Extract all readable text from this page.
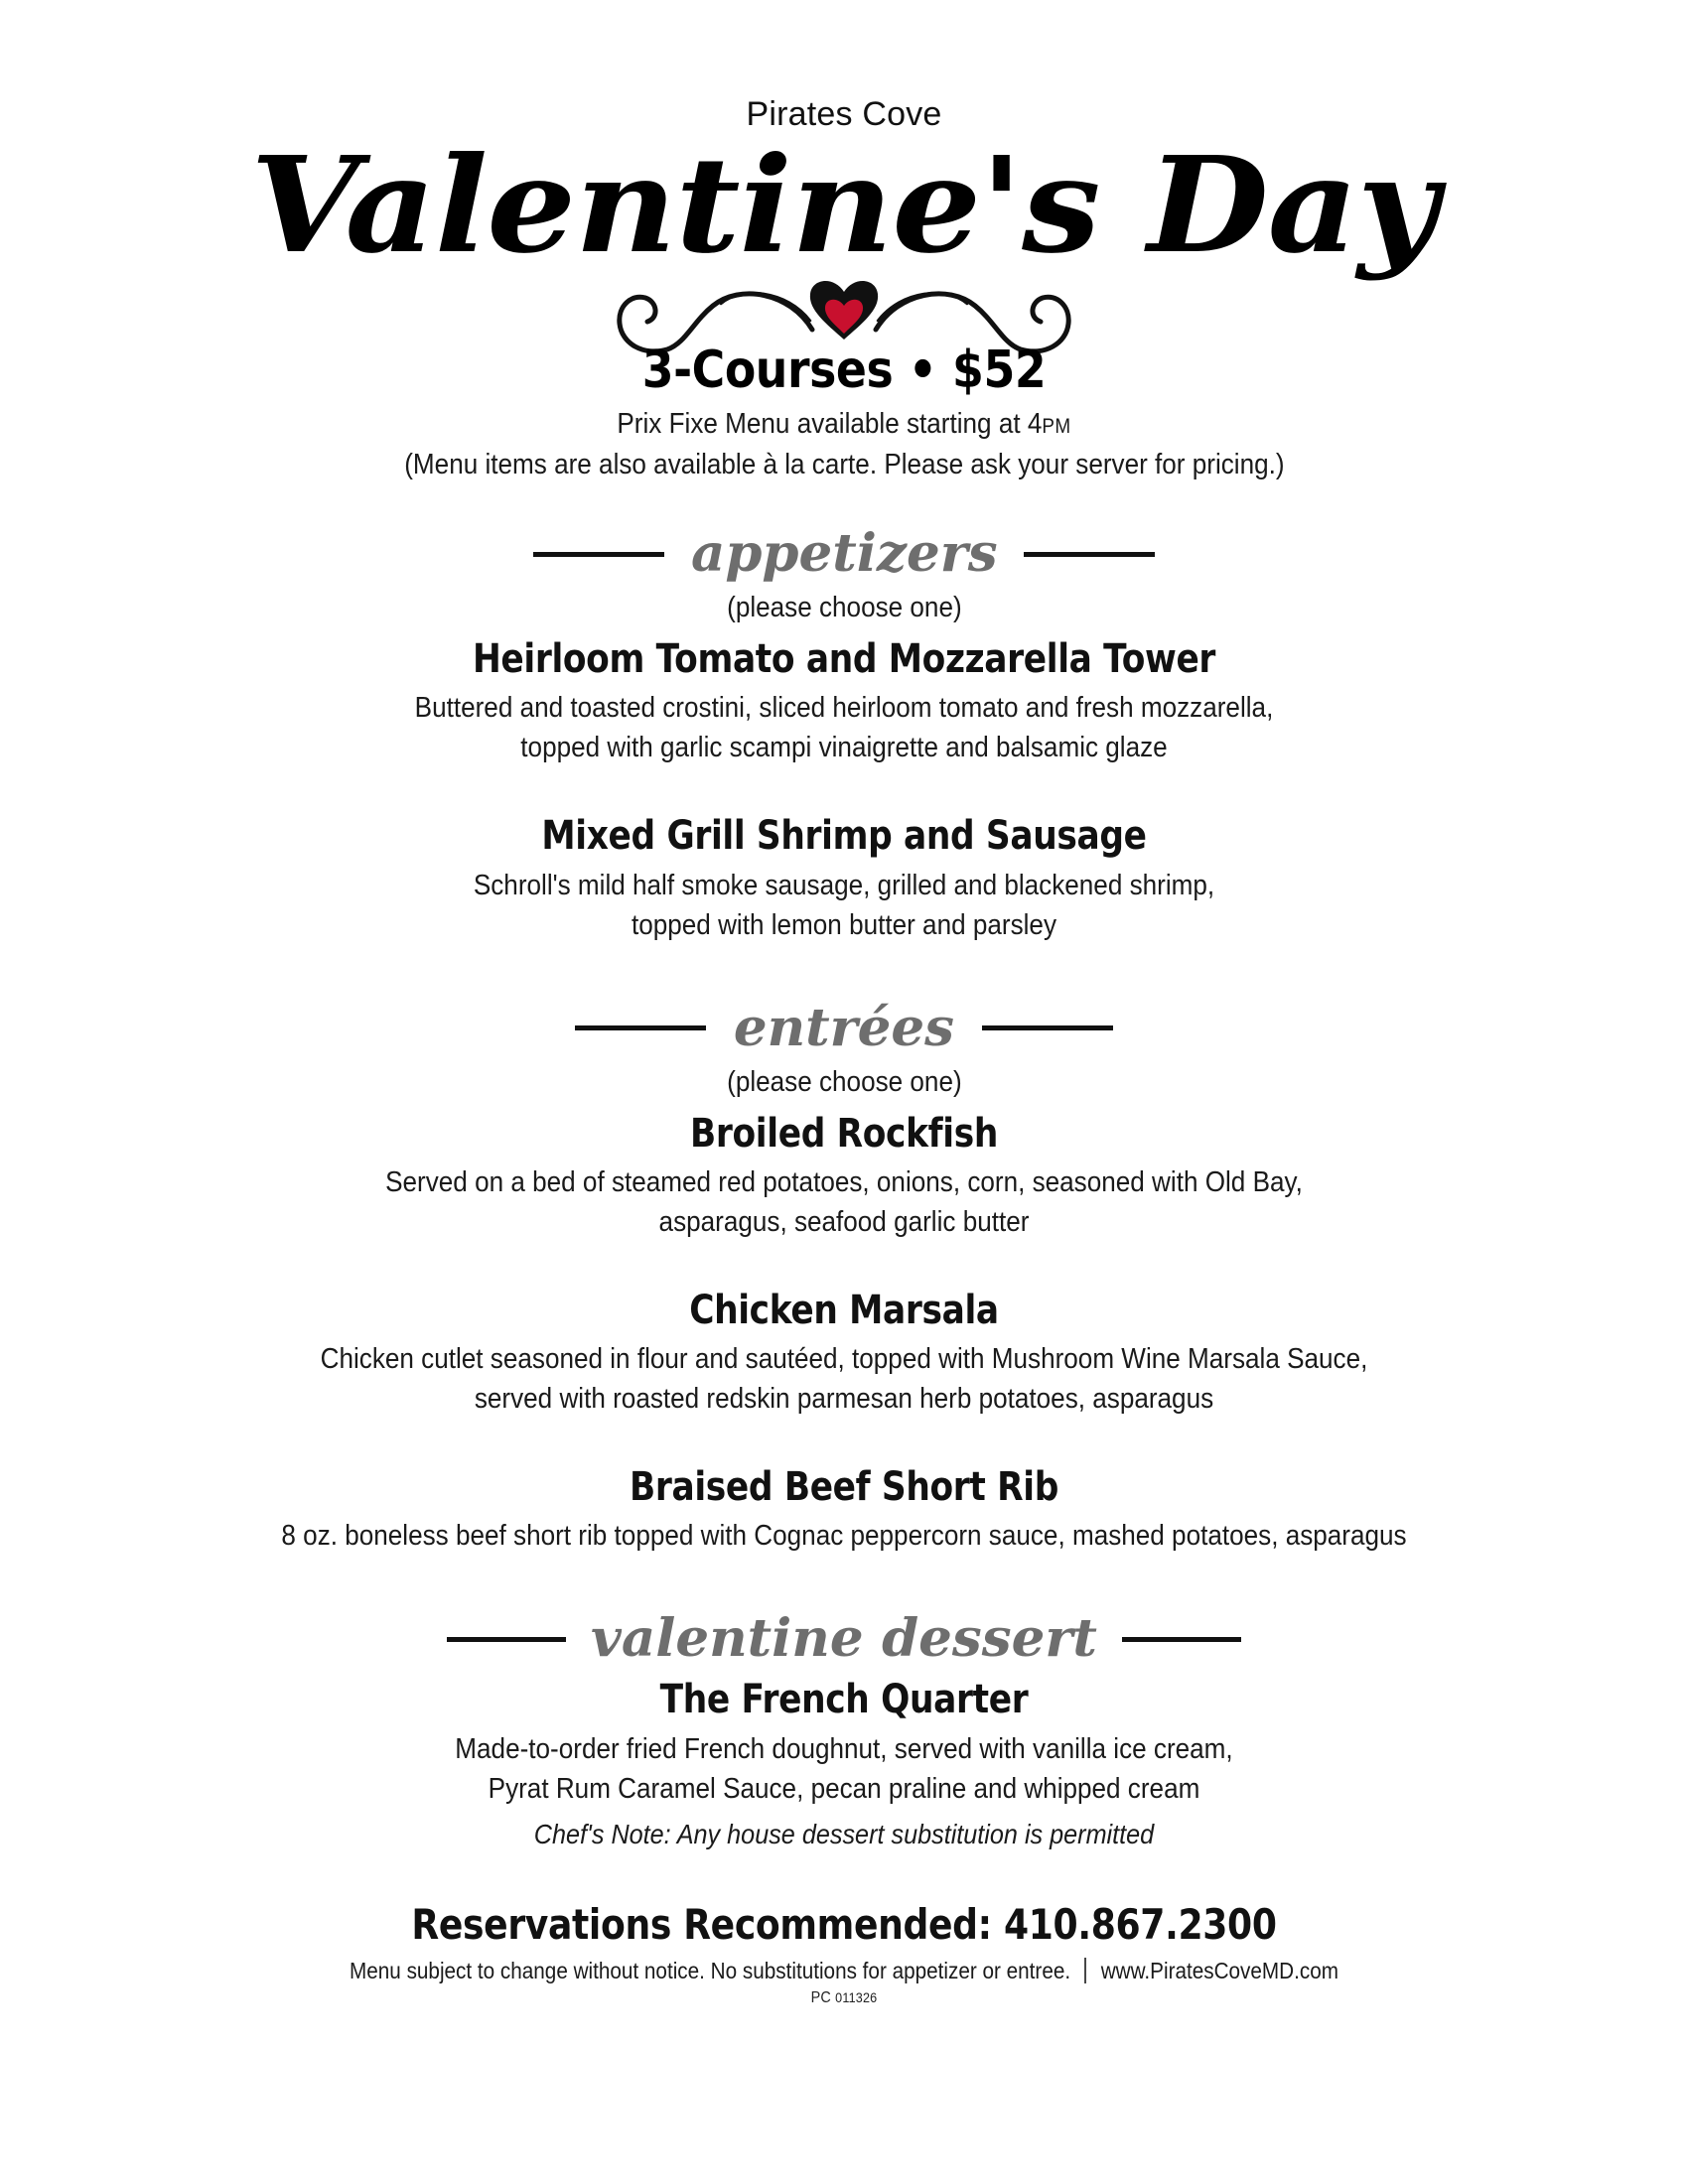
Pirates Cove
Valentine's Day
3-Courses • $52
Prix Fixe Menu available starting at 4PM
(Menu items are also available à la carte. Please ask your server for pricing.)
appetizers
(please choose one)
Heirloom Tomato and Mozzarella Tower
Buttered and toasted crostini, sliced heirloom tomato and fresh mozzarella,
topped with garlic scampi vinaigrette and balsamic glaze
Mixed Grill Shrimp and Sausage
Schroll's mild half smoke sausage, grilled and blackened shrimp,
topped with lemon butter and parsley
entrées
(please choose one)
Broiled Rockfish
Served on a bed of steamed red potatoes, onions, corn, seasoned with Old Bay,
asparagus, seafood garlic butter
Chicken Marsala
Chicken cutlet seasoned in flour and sautéed, topped with Mushroom Wine Marsala Sauce,
served with roasted redskin parmesan herb potatoes, asparagus
Braised Beef Short Rib
8 oz. boneless beef short rib topped with Cognac peppercorn sauce, mashed potatoes, asparagus
valentine dessert
The French Quarter
Made-to-order fried French doughnut, served with vanilla ice cream,
Pyrat Rum Caramel Sauce, pecan praline and whipped cream
Chef's Note: Any house dessert substitution is permitted
Reservations Recommended: 410.867.2300
Menu subject to change without notice. No substitutions for appetizer or entree. www.PiratesCoveMD.com
PC 011326
